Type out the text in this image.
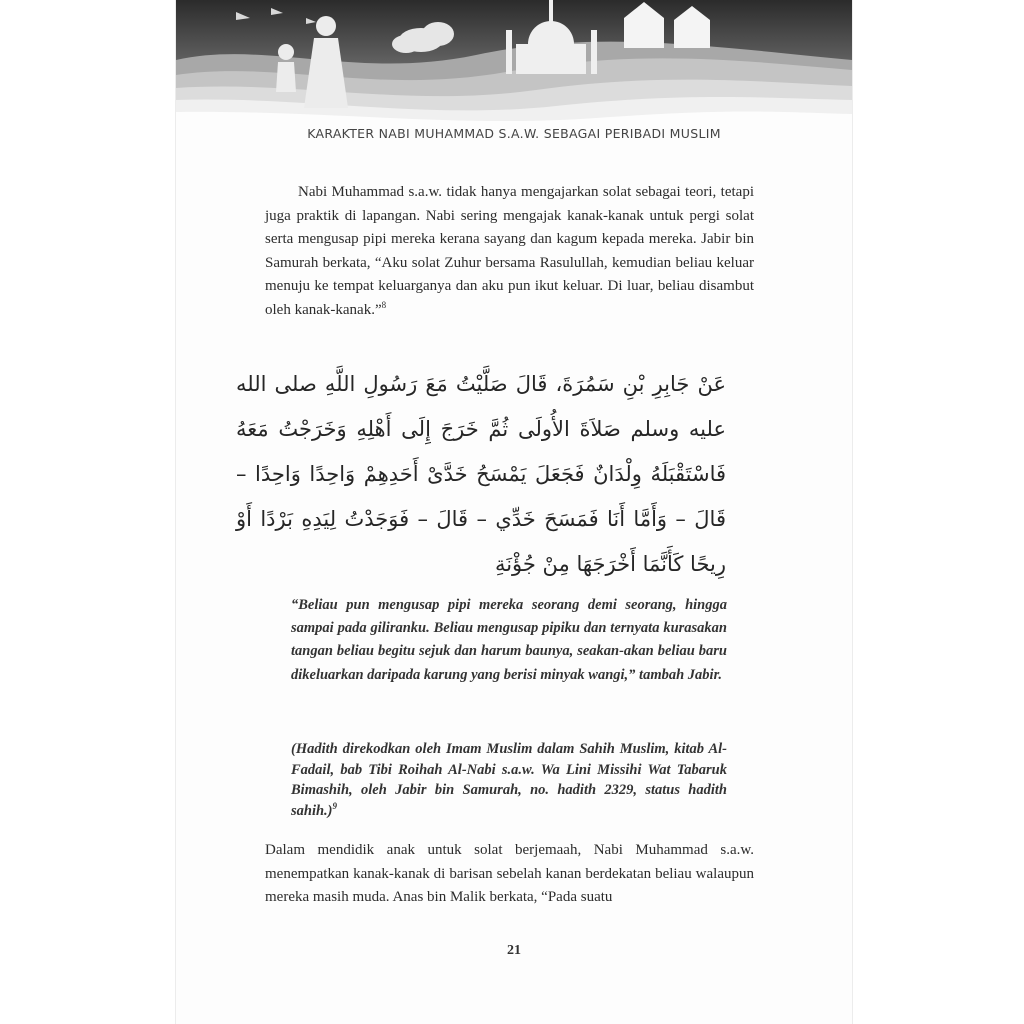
KARAKTER NABI MUHAMMAD S.A.W. SEBAGAI PERIBADI MUSLIM

Nabi Muhammad s.a.w. tidak hanya mengajarkan solat sebagai teori, tetapi juga praktik di lapangan. Nabi sering mengajak kanak-kanak untuk pergi solat serta mengusap pipi mereka kerana sayang dan kagum kepada mereka. Jabir bin Samurah berkata, “Aku solat Zuhur bersama Rasulullah, kemudian beliau keluar menuju ke tempat keluarganya dan aku pun ikut keluar. Di luar, beliau disambut oleh kanak-kanak.”$^8$

عَنْ جَابِرِ بْنِ سَمُرَةَ، قَالَ صَلَّيْتُ مَعَ رَسُولِ اللَّهِ صلى الله عليه وسلم صَلاَةَ الأُولَى ثُمَّ خَرَجَ إِلَى أَهْلِهِ وَخَرَجْتُ مَعَهُ فَاسْتَقْبَلَهُ وِلْدَانٌ فَجَعَلَ يَمْسَحُ خَدَّىْ أَحَدِهِمْ وَاحِدًا وَاحِدًا – قَالَ – وَأَمَّا أَنَا فَمَسَحَ خَدِّي – قَالَ – فَوَجَدْتُ لِيَدِهِ بَرْدًا أَوْ رِيحًا كَأَنَّمَا أَخْرَجَهَا مِنْ جُؤْنَةِ

“Beliau pun mengusap pipi mereka seorang demi seorang, hingga sampai pada giliranku. Beliau mengusap pipiku dan ternyata kurasakan tangan beliau begitu sejuk dan harum baunya, seakan-akan beliau baru dikeluarkan daripada karung yang berisi minyak wangi,” tambah Jabir.

(Hadith direkodkan oleh Imam Muslim dalam Sahih Muslim, kitab Al-Fadail, bab Tibi Roihah Al-Nabi s.a.w. Wa Lini Missihi Wat Tabaruk Bimashih, oleh Jabir bin Samurah, no. hadith 2329, status hadith sahih.)$^9$

Dalam mendidik anak untuk solat berjemaah, Nabi Muhammad s.a.w. menempatkan kanak-kanak di barisan sebelah kanan berdekatan beliau walaupun mereka masih muda. Anas bin Malik berkata, “Pada suatu

21
